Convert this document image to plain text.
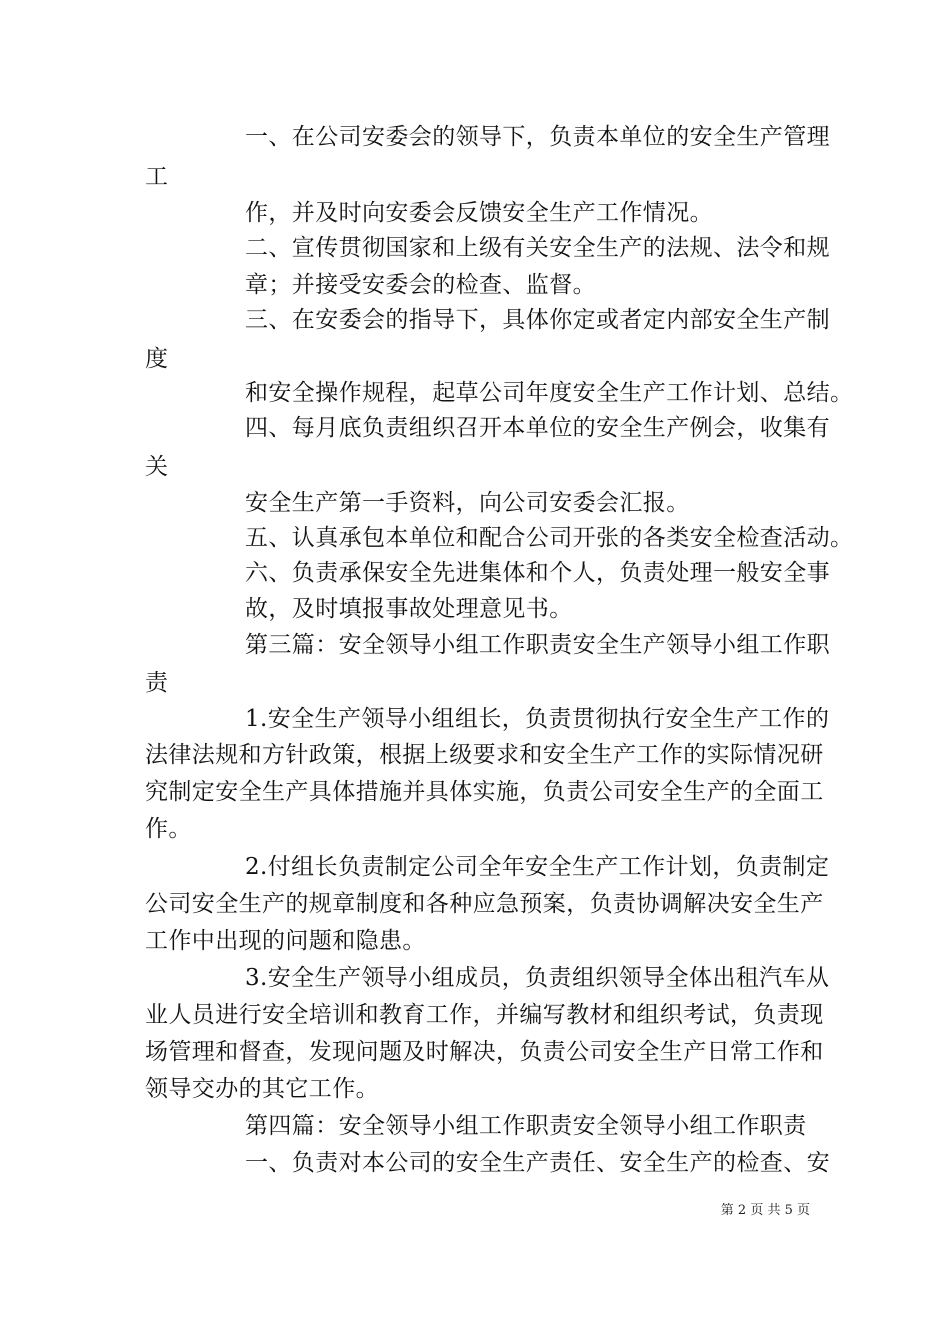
一、在公司安委会的领导下，负责本单位的安全生产管理
工
作，并及时向安委会反馈安全生产工作情况。
二、宣传贯彻国家和上级有关安全生产的法规、法令和规
章；并接受安委会的检查、监督。
三、在安委会的指导下，具体你定或者定内部安全生产制
度
和安全操作规程，起草公司年度安全生产工作计划、总结。
四、每月底负责组织召开本单位的安全生产例会，收集有
关
安全生产第一手资料，向公司安委会汇报。
五、认真承包本单位和配合公司开张的各类安全检查活动。
六、负责承保安全先进集体和个人，负责处理一般安全事
故，及时填报事故处理意见书。
第三篇：安全领导小组工作职责安全生产领导小组工作职
责
1.安全生产领导小组组长，负责贯彻执行安全生产工作的
法律法规和方针政策，根据上级要求和安全生产工作的实际情况研
究制定安全生产具体措施并具体实施，负责公司安全生产的全面工
作。
2.付组长负责制定公司全年安全生产工作计划，负责制定
公司安全生产的规章制度和各种应急预案，负责协调解决安全生产
工作中出现的问题和隐患。
3.安全生产领导小组成员，负责组织领导全体出租汽车从
业人员进行安全培训和教育工作，并编写教材和组织考试，负责现
场管理和督查，发现问题及时解决，负责公司安全生产日常工作和
领导交办的其它工作。
第四篇：安全领导小组工作职责安全领导小组工作职责
一、负责对本公司的安全生产责任、安全生产的检查、安
第 2 页 共 5 页
